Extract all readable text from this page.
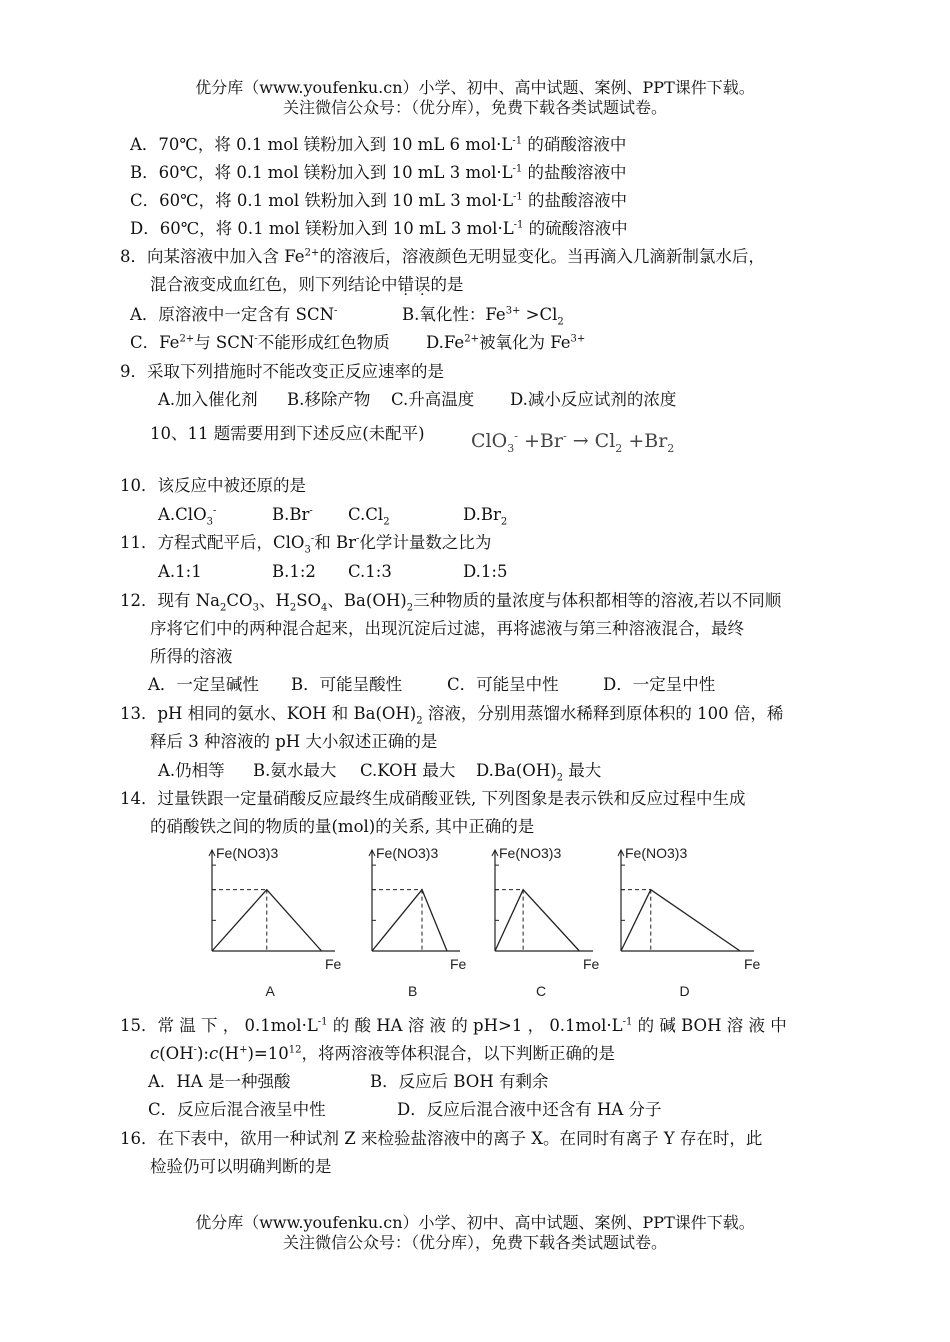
优分库（www.youfenku.cn）小学、初中、高中试题、案例、PPT课件下载。
关注微信公众号：（优分库），免费下载各类试题试卷。
A．70℃，将 0.1 mol 镁粉加入到 10 mL 6 $mol\cdot L^{-1}$ 的硝酸溶液中
B．60℃，将 0.1 mol 镁粉加入到 10 mL 3 $mol\cdot L^{-1}$ 的盐酸溶液中
C．60℃，将 0.1 mol 铁粉加入到 10 mL 3 $mol\cdot L^{-1}$ 的盐酸溶液中
D．60℃，将 0.1 mol 镁粉加入到 10 mL 3 $mol\cdot L^{-1}$ 的硫酸溶液中
8．向某溶液中加入含 $Fe^{2+}$的溶液后，溶液颜色无明显变化。当再滴入几滴新制氯水后，
混合液变成血红色，则下列结论中错误的是
A．原溶液中一定含有 SCN-	B.氧化性：$Fe^{3+} >Cl_2$
C．$Fe^{2+}$与 SCN-不能形成红色物质 $D.Fe^{2+}$被氧化为 $Fe^{3+}$
9．采取下列措施时不能改变正反应速率的是
A.加入催化剂 B.移除产物 C.升高温度 D.减小反应试剂的浓度
10、11 题需要用到下述反应(未配平) $ClO_3^- +Br^- \to Cl_2 +Br_2$
10．该反应中被还原的是
A.ClO$_3$-	B.Br- $C.Cl_2$	$D.Br_2$
11．方程式配平后，ClO$_3$-和 Br-化学计量数之比为
A.1:1	B.1:2 C.1:3	D.1:5
12．现有 $Na_2CO_3$、$H_2SO_4$、$Ba(OH)_2$三种物质的量浓度与体积都相等的溶液,若以不同顺
序将它们中的两种混合起来，出现沉淀后过滤，再将滤液与第三种溶液混合，最终
所得的溶液
A．一定呈碱性 B．可能呈酸性	C．可能呈中性	D．一定呈中性
13．pH 相同的氨水、KOH 和 $Ba(OH)_2$ 溶液，分别用蒸馏水稀释到原体积的 100 倍，稀
释后 3 种溶液的 pH 大小叙述正确的是
A.仍相等 B.氨水最大 C.KOH 最大 $D.Ba(OH)_2$ 最大
14．过量铁跟一定量硝酸反应最终生成硝酸亚铁, 下列图象是表示铁和反应过程中生成
的硝酸铁之间的物质的量(mol)的关系, 其中正确的是
Fe(NO3)3
Fe
A
Fe(NO3)3
Fe
B
Fe(NO3)3
Fe
C
Fe(NO3)3
Fe
D
15．常 温 下 ， $0.1mol\cdot L^{-1}$ 的 酸 HA 溶 液 的 pH>1 ， $0.1mol\cdot L^{-1}$ 的 碱 BOH 溶 液 中
$c(OH^-):c(H^+)=10^{12}$，将两溶液等体积混合，以下判断正确的是
A．HA 是一种强酸	B．反应后 BOH 有剩余
C．反应后混合液呈中性	D．反应后混合液中还含有 HA 分子
16．在下表中，欲用一种试剂 Z 来检验盐溶液中的离子 X。在同时有离子 Y 存在时，此
检验仍可以明确判断的是
优分库（www.youfenku.cn）小学、初中、高中试题、案例、PPT课件下载。
关注微信公众号：（优分库），免费下载各类试题试卷。
